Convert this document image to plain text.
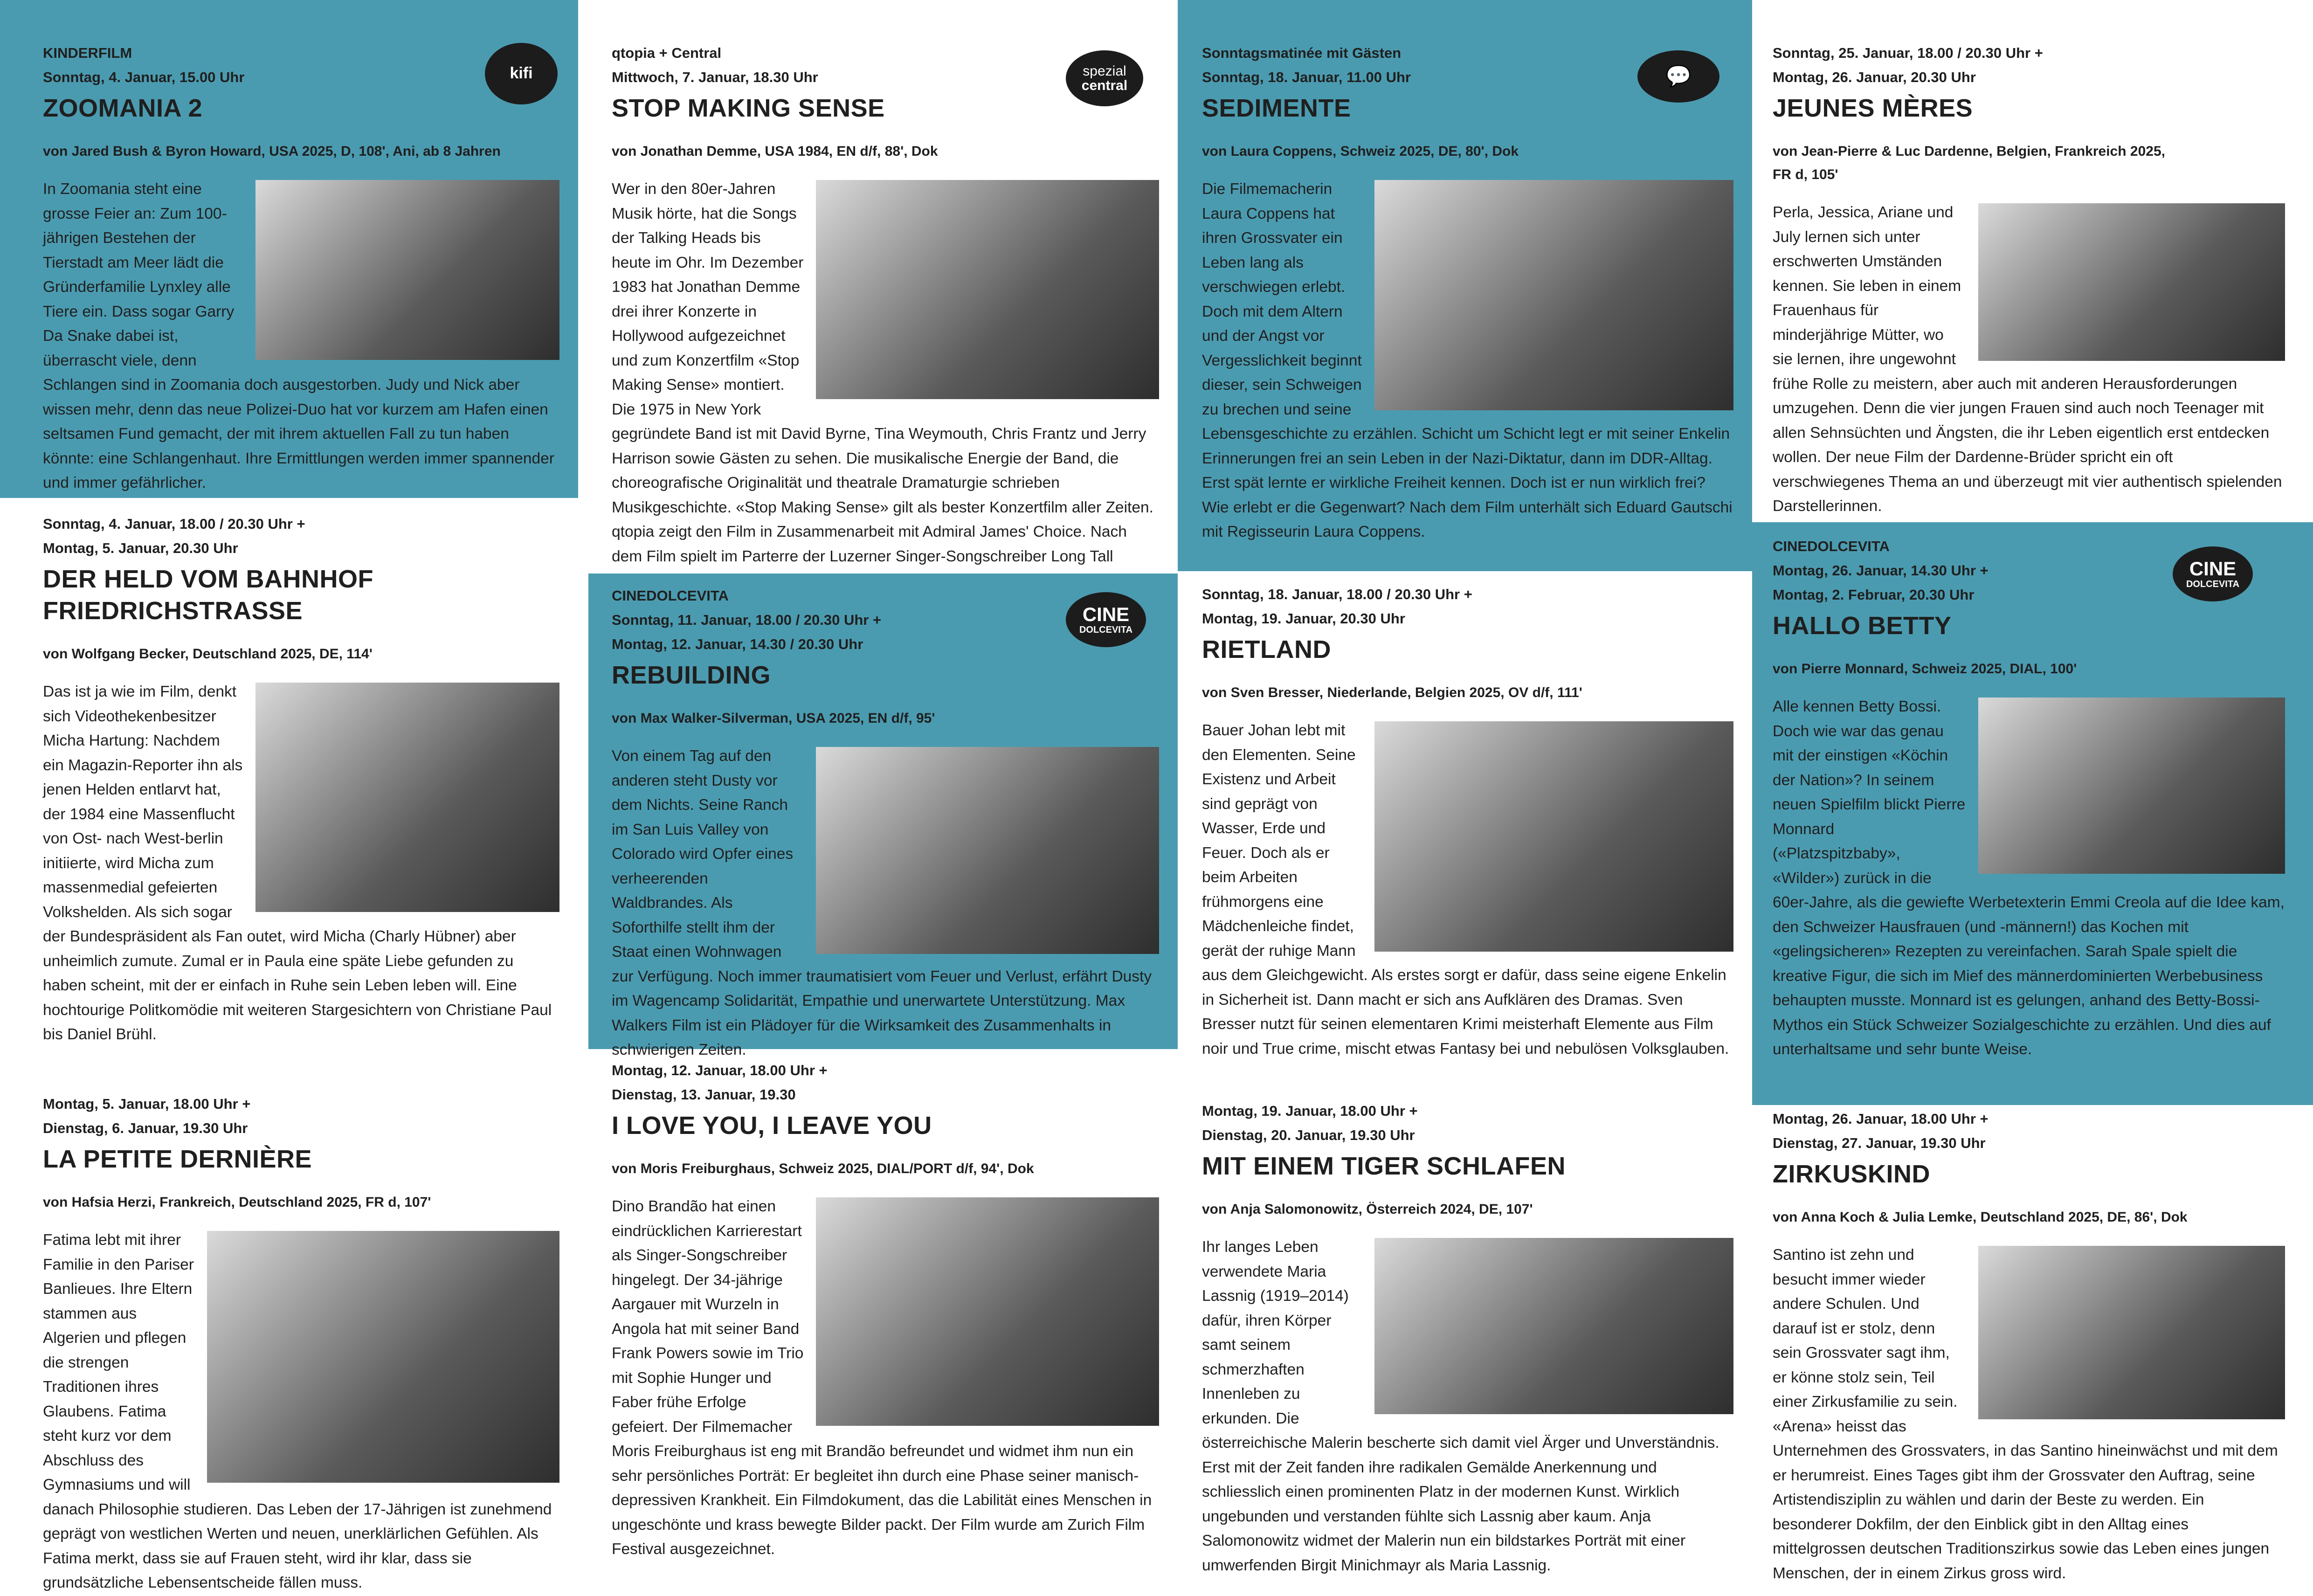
kifi
KINDERFILM
Sonntag, 4. Januar, 15.00 Uhr
ZOOMANIA 2
von Jared Bush & Byron Howard, USA 2025, D, 108', Ani, ab 8 Jahren
In Zoomania steht eine grosse Feier an: Zum 100-jährigen Bestehen der Tierstadt am Meer lädt die Gründerfamilie Lynxley alle Tiere ein. Dass sogar Garry Da Snake dabei ist, überrascht viele, denn Schlangen sind in Zoomania doch ausgestorben. Judy und Nick aber wissen mehr, denn das neue Polizei-Duo hat vor kurzem am Hafen einen seltsamen Fund gemacht, der mit ihrem aktuellen Fall zu tun haben könnte: eine Schlangenhaut. Ihre Ermittlungen werden immer spannender und immer gefährlicher.
Sonntag, 4. Januar, 18.00 / 20.30 Uhr +
Montag, 5. Januar, 20.30 Uhr
DER HELD VOM BAHNHOF
FRIEDRICHSTRASSE
von Wolfgang Becker, Deutschland 2025, DE, 114'
Das ist ja wie im Film, denkt sich Videothekenbesitzer Micha Hartung: Nachdem ein Magazin-Reporter ihn als jenen Helden entlarvt hat, der 1984 eine Massenflucht von Ost- nach West-berlin initiierte, wird Micha zum massenmedial gefeierten Volkshelden. Als sich sogar der Bundespräsident als Fan outet, wird Micha (Charly Hübner) aber unheimlich zumute. Zumal er in Paula eine späte Liebe gefunden zu haben scheint, mit der er einfach in Ruhe sein Leben leben will. Eine hochtourige Politkomödie mit weiteren Stargesichtern von Christiane Paul bis Daniel Brühl.
Montag, 5. Januar, 18.00 Uhr +
Dienstag, 6. Januar, 19.30 Uhr
LA PETITE DERNIÈRE
von Hafsia Herzi, Frankreich, Deutschland 2025, FR d, 107'
Fatima lebt mit ihrer Familie in den Pariser Banlieues. Ihre Eltern stammen aus Algerien und pflegen die strengen Traditionen ihres Glaubens. Fatima steht kurz vor dem Abschluss des Gymnasiums und will danach Philosophie studieren. Das Leben der 17-Jährigen ist zunehmend geprägt von westlichen Werten und neuen, unerklärlichen Gefühlen. Als Fatima merkt, dass sie auf Frauen steht, wird ihr klar, dass sie grundsätzliche Lebensentscheide fällen muss.
spezial
central
qtopia + Central
Mittwoch, 7. Januar, 18.30 Uhr
STOP MAKING SENSE
von Jonathan Demme, USA 1984, EN d/f, 88', Dok
Wer in den 80er-Jahren Musik hörte, hat die Songs der Talking Heads bis heute im Ohr. Im Dezember 1983 hat Jonathan Demme drei ihrer Konzerte in Hollywood aufgezeichnet und zum Konzertfilm «Stop Making Sense» montiert. Die 1975 in New York gegründete Band ist mit David Byrne, Tina Weymouth, Chris Frantz und Jerry Harrison sowie Gästen zu sehen. Die musikalische Energie der Band, die choreografische Originalität und theatrale Dramaturgie schrieben Musikgeschichte. «Stop Making Sense» gilt als bester Konzertfilm aller Zeiten. qtopia zeigt den Film in Zusammenarbeit mit Admiral James' Choice. Nach dem Film spielt im Parterre der Luzerner Singer-Songschreiber Long Tall
CINE
DOLCEVITA
CINEDOLCEVITA
Sonntag, 11. Januar, 18.00 / 20.30 Uhr +
Montag, 12. Januar, 14.30 / 20.30 Uhr
REBUILDING
von Max Walker-Silverman, USA 2025, EN d/f, 95'
Von einem Tag auf den anderen steht Dusty vor dem Nichts. Seine Ranch im San Luis Valley von Colorado wird Opfer eines verheerenden Waldbrandes. Als Soforthilfe stellt ihm der Staat einen Wohnwagen zur Verfügung. Noch immer traumatisiert vom Feuer und Verlust, erfährt Dusty im Wagencamp Solidarität, Empathie und unerwartete Unterstützung. Max Walkers Film ist ein Plädoyer für die Wirksamkeit des Zusammenhalts in schwierigen Zeiten.
Montag, 12. Januar, 18.00 Uhr +
Dienstag, 13. Januar, 19.30
I LOVE YOU, I LEAVE YOU
von Moris Freiburghaus, Schweiz 2025, DIAL/PORT d/f, 94', Dok
Dino Brandão hat einen eindrücklichen Karrierestart als Singer-Songschreiber hingelegt. Der 34-jährige Aargauer mit Wurzeln in Angola hat mit seiner Band Frank Powers sowie im Trio mit Sophie Hunger und Faber frühe Erfolge gefeiert. Der Filmemacher Moris Freiburghaus ist eng mit Brandão befreundet und widmet ihm nun ein sehr persönliches Porträt: Er begleitet ihn durch eine Phase seiner manisch-depressiven Krankheit. Ein Filmdokument, das die Labilität eines Menschen in ungeschönte und krass bewegte Bilder packt. Der Film wurde am Zurich Film Festival ausgezeichnet.
💬
Sonntagsmatinée mit Gästen
Sonntag, 18. Januar, 11.00 Uhr
SEDIMENTE
von Laura Coppens, Schweiz 2025, DE, 80', Dok
Die Filmemacherin Laura Coppens hat ihren Grossvater ein Leben lang als verschwiegen erlebt. Doch mit dem Altern und der Angst vor Vergesslichkeit beginnt dieser, sein Schweigen zu brechen und seine Lebensgeschichte zu erzählen. Schicht um Schicht legt er mit seiner Enkelin Erinnerungen frei an sein Leben in der Nazi-Diktatur, dann im DDR-Alltag. Erst spät lernte er wirkliche Freiheit kennen. Doch ist er nun wirklich frei? Wie erlebt er die Gegenwart? Nach dem Film unterhält sich Eduard Gautschi mit Regisseurin Laura Coppens.
Sonntag, 18. Januar, 18.00 / 20.30 Uhr +
Montag, 19. Januar, 20.30 Uhr
RIETLAND
von Sven Bresser, Niederlande, Belgien 2025, OV d/f, 111'
Bauer Johan lebt mit den Elementen. Seine Existenz und Arbeit sind geprägt von Wasser, Erde und Feuer. Doch als er beim Arbeiten frühmorgens eine Mädchenleiche findet, gerät der ruhige Mann aus dem Gleichgewicht. Als erstes sorgt er dafür, dass seine eigene Enkelin in Sicherheit ist. Dann macht er sich ans Aufklären des Dramas. Sven Bresser nutzt für seinen elementaren Krimi meisterhaft Elemente aus Film noir und True crime, mischt etwas Fantasy bei und nebulösen Volksglauben.
Montag, 19. Januar, 18.00 Uhr +
Dienstag, 20. Januar, 19.30 Uhr
MIT EINEM TIGER SCHLAFEN
von Anja Salomonowitz, Österreich 2024, DE, 107'
Ihr langes Leben verwendete Maria Lassnig (1919–2014) dafür, ihren Körper samt seinem schmerzhaften Innenleben zu erkunden. Die österreichische Malerin bescherte sich damit viel Ärger und Unverständnis. Erst mit der Zeit fanden ihre radikalen Gemälde Anerkennung und schliesslich einen prominenten Platz in der modernen Kunst. Wirklich ungebunden und verstanden fühlte sich Lassnig aber kaum. Anja Salomonowitz widmet der Malerin nun ein bildstarkes Porträt mit einer umwerfenden Birgit Minichmayr als Maria Lassnig.
Sonntag, 25. Januar, 18.00 / 20.30 Uhr +
Montag, 26. Januar, 20.30 Uhr
JEUNES MÈRES
von Jean-Pierre & Luc Dardenne, Belgien, Frankreich 2025,
FR d, 105'
Perla, Jessica, Ariane und July lernen sich unter erschwerten Umständen kennen. Sie leben in einem Frauenhaus für minderjährige Mütter, wo sie lernen, ihre ungewohnt frühe Rolle zu meistern, aber auch mit anderen Herausforderungen umzugehen. Denn die vier jungen Frauen sind auch noch Teenager mit allen Sehnsüchten und Ängsten, die ihr Leben eigentlich erst entdecken wollen. Der neue Film der Dardenne-Brüder spricht ein oft verschwiegenes Thema an und überzeugt mit vier authentisch spielenden Darstellerinnen.
CINE
DOLCEVITA
CINEDOLCEVITA
Montag, 26. Januar, 14.30 Uhr +
Montag, 2. Februar, 20.30 Uhr
HALLO BETTY
von Pierre Monnard, Schweiz 2025, DIAL, 100'
Alle kennen Betty Bossi. Doch wie war das genau mit der einstigen «Köchin der Nation»? In seinem neuen Spielfilm blickt Pierre Monnard («Platzspitzbaby», «Wilder») zurück in die 60er-Jahre, als die gewiefte Werbetexterin Emmi Creola auf die Idee kam, den Schweizer Hausfrauen (und -männern!) das Kochen mit «gelingsicheren» Rezepten zu vereinfachen. Sarah Spale spielt die kreative Figur, die sich im Mief des männerdominierten Werbebusiness behaupten musste. Monnard ist es gelungen, anhand des Betty-Bossi-Mythos ein Stück Schweizer Sozialgeschichte zu erzählen. Und dies auf unterhaltsame und sehr bunte Weise.
Montag, 26. Januar, 18.00 Uhr +
Dienstag, 27. Januar, 19.30 Uhr
ZIRKUSKIND
von Anna Koch & Julia Lemke, Deutschland 2025, DE, 86', Dok
Santino ist zehn und besucht immer wieder andere Schulen. Und darauf ist er stolz, denn sein Grossvater sagt ihm, er könne stolz sein, Teil einer Zirkusfamilie zu sein. «Arena» heisst das Unternehmen des Grossvaters, in das Santino hineinwächst und mit dem er herumreist. Eines Tages gibt ihm der Grossvater den Auftrag, seine Artistendisziplin zu wählen und darin der Beste zu werden. Ein besonderer Dokfilm, der den Einblick gibt in den Alltag eines mittelgrossen deutschen Traditionszirkus sowie das Leben eines jungen Menschen, der in einem Zirkus gross wird.
